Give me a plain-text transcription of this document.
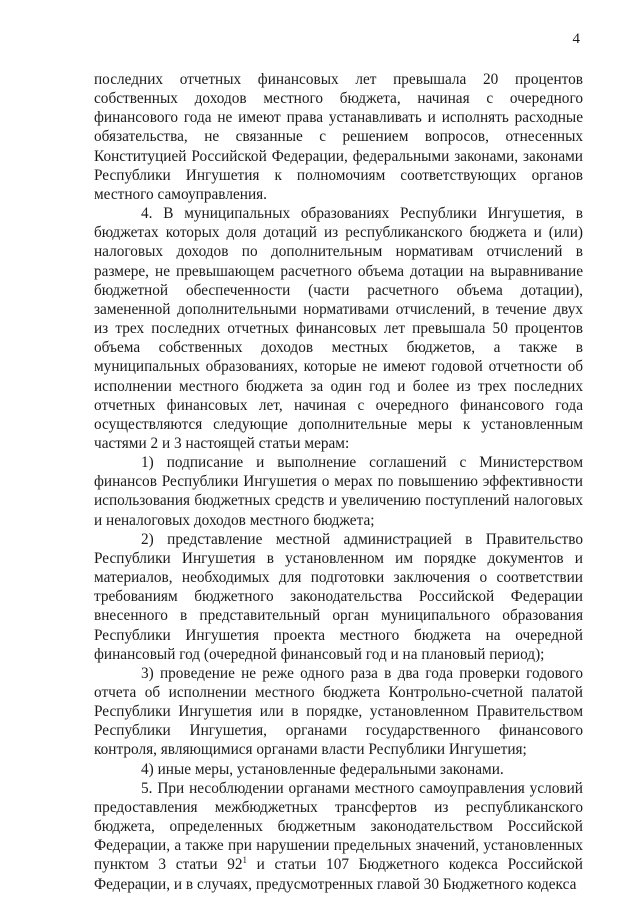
4

последних отчетных финансовых лет превышала 20 процентов собственных доходов местного бюджета, начиная с очередного финансового года не имеют права устанавливать и исполнять расходные обязательства, не связанные с решением вопросов, отнесенных Конституцией Российской Федерации, федеральными законами, законами Республики Ингушетия к полномочиям соответствующих органов местного самоуправления.

4. В муниципальных образованиях Республики Ингушетия, в бюджетах которых доля дотаций из республиканского бюджета и (или) налоговых доходов по дополнительным нормативам отчислений в размере, не превышающем расчетного объема дотации на выравнивание бюджетной обеспеченности (части расчетного объема дотации), замененной дополнительными нормативами отчислений, в течение двух из трех последних отчетных финансовых лет превышала 50 процентов объема собственных доходов местных бюджетов, а также в муниципальных образованиях, которые не имеют годовой отчетности об исполнении местного бюджета за один год и более из трех последних отчетных финансовых лет, начиная с очередного финансового года осуществляются следующие дополнительные меры к установленным частями 2 и 3 настоящей статьи мерам:

1) подписание и выполнение соглашений с Министерством финансов Республики Ингушетия о мерах по повышению эффективности использования бюджетных средств и увеличению поступлений налоговых и неналоговых доходов местного бюджета;

2) представление местной администрацией в Правительство Республики Ингушетия в установленном им порядке документов и материалов, необходимых для подготовки заключения о соответствии требованиям бюджетного законодательства Российской Федерации внесенного в представительный орган муниципального образования Республики Ингушетия проекта местного бюджета на очередной финансовый год (очередной финансовый год и на плановый период);

3) проведение не реже одного раза в два года проверки годового отчета об исполнении местного бюджета Контрольно-счетной палатой Республики Ингушетия или в порядке, установленном Правительством Республики Ингушетия, органами государственного финансового контроля, являющимися органами власти Республики Ингушетия;

4) иные меры, установленные федеральными законами.

5. При несоблюдении органами местного самоуправления условий предоставления межбюджетных трансфертов из республиканского бюджета, определенных бюджетным законодательством Российской Федерации, а также при нарушении предельных значений, установленных пунктом 3 статьи $92^1$ и статьи 107 Бюджетного кодекса Российской Федерации, и в случаях, предусмотренных главой 30 Бюджетного кодекса
